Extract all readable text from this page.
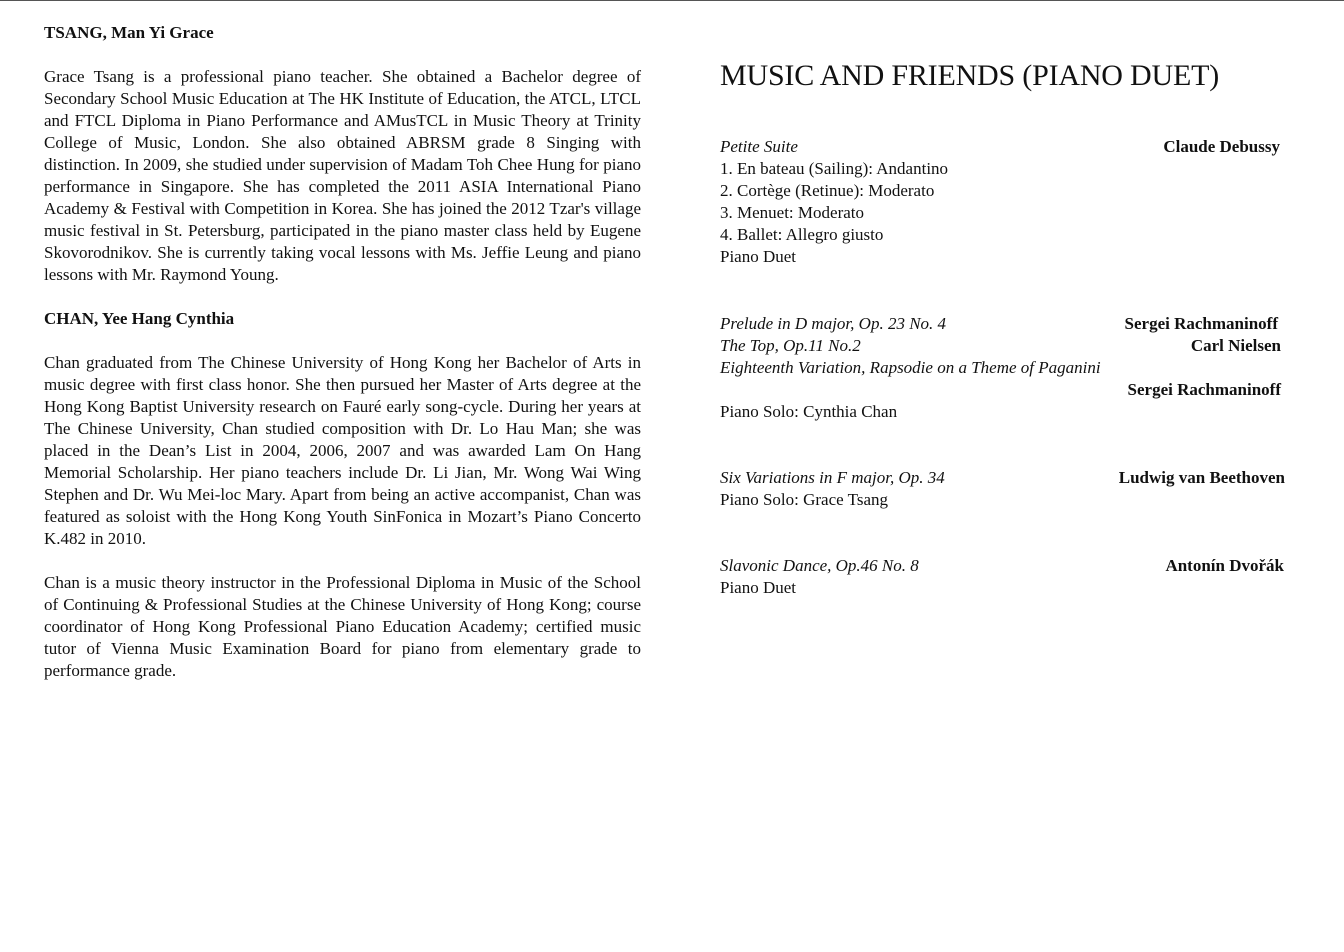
TSANG, Man Yi Grace

Grace Tsang is a professional piano teacher. She obtained a Bachelor degree of Secondary School Music Education at The HK Institute of Education, the ATCL, LTCL and FTCL Diploma in Piano Performance and AMusTCL in Music Theory at Trinity College of Music, London. She also obtained ABRSM grade 8 Singing with distinction. In 2009, she studied under supervision of Madam Toh Chee Hung for piano performance in Singapore. She has completed the 2011 ASIA International Piano Academy & Festival with Competition in Korea. She has joined the 2012 Tzar's village music festival in St. Petersburg, participated in the piano master class held by Eugene Skovorodnikov. She is currently taking vocal lessons with Ms. Jeffie Leung and piano lessons with Mr. Raymond Young.

CHAN, Yee Hang Cynthia

Chan graduated from The Chinese University of Hong Kong her Bachelor of Arts in music degree with first class honor. She then pursued her Master of Arts degree at the Hong Kong Baptist University research on Fauré early song-cycle. During her years at The Chinese University, Chan studied composition with Dr. Lo Hau Man; she was placed in the Dean’s List in 2004, 2006, 2007 and was awarded Lam On Hang Memorial Scholarship. Her piano teachers include Dr. Li Jian, Mr. Wong Wai Wing Stephen and Dr. Wu Mei-loc Mary. Apart from being an active accompanist, Chan was featured as soloist with the Hong Kong Youth SinFonica in Mozart’s Piano Concerto K.482 in 2010.

Chan is a music theory instructor in the Professional Diploma in Music of the School of Continuing & Professional Studies at the Chinese University of Hong Kong; course coordinator of Hong Kong Professional Piano Education Academy; certified music tutor of Vienna Music Examination Board for piano from elementary grade to performance grade.

MUSIC AND FRIENDS (PIANO DUET)
Petite Suite	Claude Debussy
1. En bateau (Sailing): Andantino
2. Cortège (Retinue): Moderato
3. Menuet: Moderato
4. Ballet: Allegro giusto
Piano Duet
Prelude in D major, Op. 23 No. 4	Sergei Rachmaninoff
The Top, Op.11 No.2	Carl Nielsen
Eighteenth Variation, Rapsodie on a Theme of Paganini
Sergei Rachmaninoff
Piano Solo: Cynthia Chan
Six Variations in F major, Op. 34	Ludwig van Beethoven
Piano Solo: Grace Tsang
Slavonic Dance, Op.46 No. 8	Antonín Dvořák
Piano Duet
